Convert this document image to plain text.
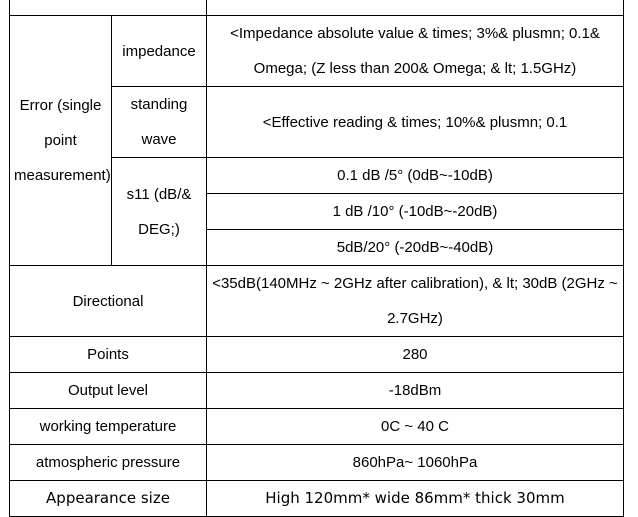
Error (single point measurement)	impedance	<Impedance absolute value & times; 3%& plusmn; 0.1& Omega; (Z less than 200& Omega; & lt; 1.5GHz)
	standing wave	<Effective reading & times; 10%& plusmn; 0.1
	s11 (dB/& DEG;)	0.1 dB /5° (0dB~-10dB)
		1 dB /10° (-10dB~-20dB)
		5dB/20° (-20dB~-40dB)
Directional		<35dB(140MHz ~ 2GHz after calibration), & lt; 30dB (2GHz ~ 2.7GHz)
Points		280
Output level		-18dBm
working temperature		0C ~ 40 C
atmospheric pressure		860hPa~ 1060hPa
Appearance size		High 120mm* wide 86mm* thick 30mm
